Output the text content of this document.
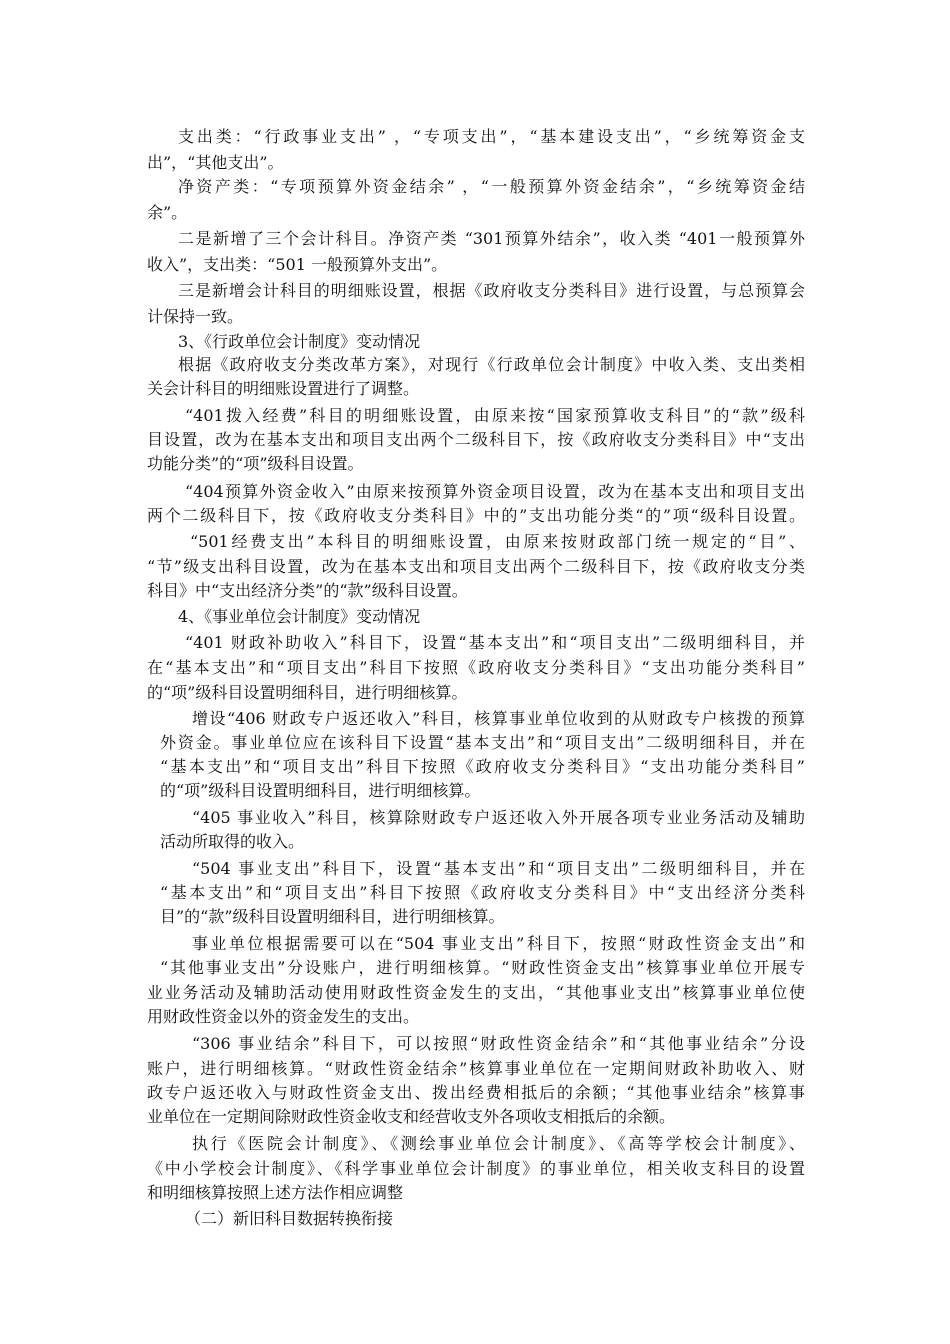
支出类：“行政事业支出” ，“专项支出”，“基本建设支出”，“乡统筹资金支
出”，“其他支出”。
净资产类：“专项预算外资金结余” ，“一般预算外资金结余”，“乡统筹资金结
余”。
二是新增了三个会计科目。净资产类 “301预算外结余”，收入类 “401一般预算外
收入”，支出类：“501 一般预算外支出”。
三是新增会计科目的明细账设置，根据《政府收支分类科目》进行设置，与总预算会
计保持一致。
3、《行政单位会计制度》变动情况
根据《政府收支分类改革方案》，对现行《行政单位会计制度》中收入类、支出类相
关会计科目的明细账设置进行了调整。
“401拨入经费”科目的明细账设置，由原来按“国家预算收支科目”的“款”级科
目设置，改为在基本支出和项目支出两个二级科目下，按《政府收支分类科目》中“支出
功能分类”的“项”级科目设置。
“404预算外资金收入”由原来按预算外资金项目设置，改为在基本支出和项目支出
两个二级科目下，按《政府收支分类科目》中的”支出功能分类“的”项“级科目设置。
“501经费支出”本科目的明细账设置，由原来按财政部门统一规定的“目”、
“节”级支出科目设置，改为在基本支出和项目支出两个二级科目下，按《政府收支分类
科目》中“支出经济分类”的“款”级科目设置。
4、《事业单位会计制度》变动情况
“401 财政补助收入”科目下，设置“基本支出”和“项目支出”二级明细科目，并
在“基本支出”和“项目支出”科目下按照《政府收支分类科目》“支出功能分类科目”
的“项”级科目设置明细科目，进行明细核算。
增设“406 财政专户返还收入”科目，核算事业单位收到的从财政专户核拨的预算
外资金。事业单位应在该科目下设置“基本支出”和“项目支出”二级明细科目，并在
“基本支出”和“项目支出”科目下按照《政府收支分类科目》“支出功能分类科目”
的“项”级科目设置明细科目，进行明细核算。
“405 事业收入”科目，核算除财政专户返还收入外开展各项专业业务活动及辅助
活动所取得的收入。
“504 事业支出”科目下，设置“基本支出”和“项目支出”二级明细科目，并在
“基本支出”和“项目支出”科目下按照《政府收支分类科目》中“支出经济分类科
目”的“款”级科目设置明细科目，进行明细核算。
事业单位根据需要可以在“504 事业支出”科目下，按照“财政性资金支出”和
“其他事业支出”分设账户，进行明细核算。“财政性资金支出”核算事业单位开展专
业业务活动及辅助活动使用财政性资金发生的支出，“其他事业支出”核算事业单位使
用财政性资金以外的资金发生的支出。
“306 事业结余”科目下，可以按照“财政性资金结余”和“其他事业结余”分设
账户，进行明细核算。“财政性资金结余”核算事业单位在一定期间财政补助收入、财
政专户返还收入与财政性资金支出、拨出经费相抵后的余额；“其他事业结余”核算事
业单位在一定期间除财政性资金收支和经营收支外各项收支相抵后的余额。
执行《医院会计制度》、《测绘事业单位会计制度》、《高等学校会计制度》、
《中小学校会计制度》、《科学事业单位会计制度》的事业单位，相关收支科目的设置
和明细核算按照上述方法作相应调整
（二）新旧科目数据转换衔接
